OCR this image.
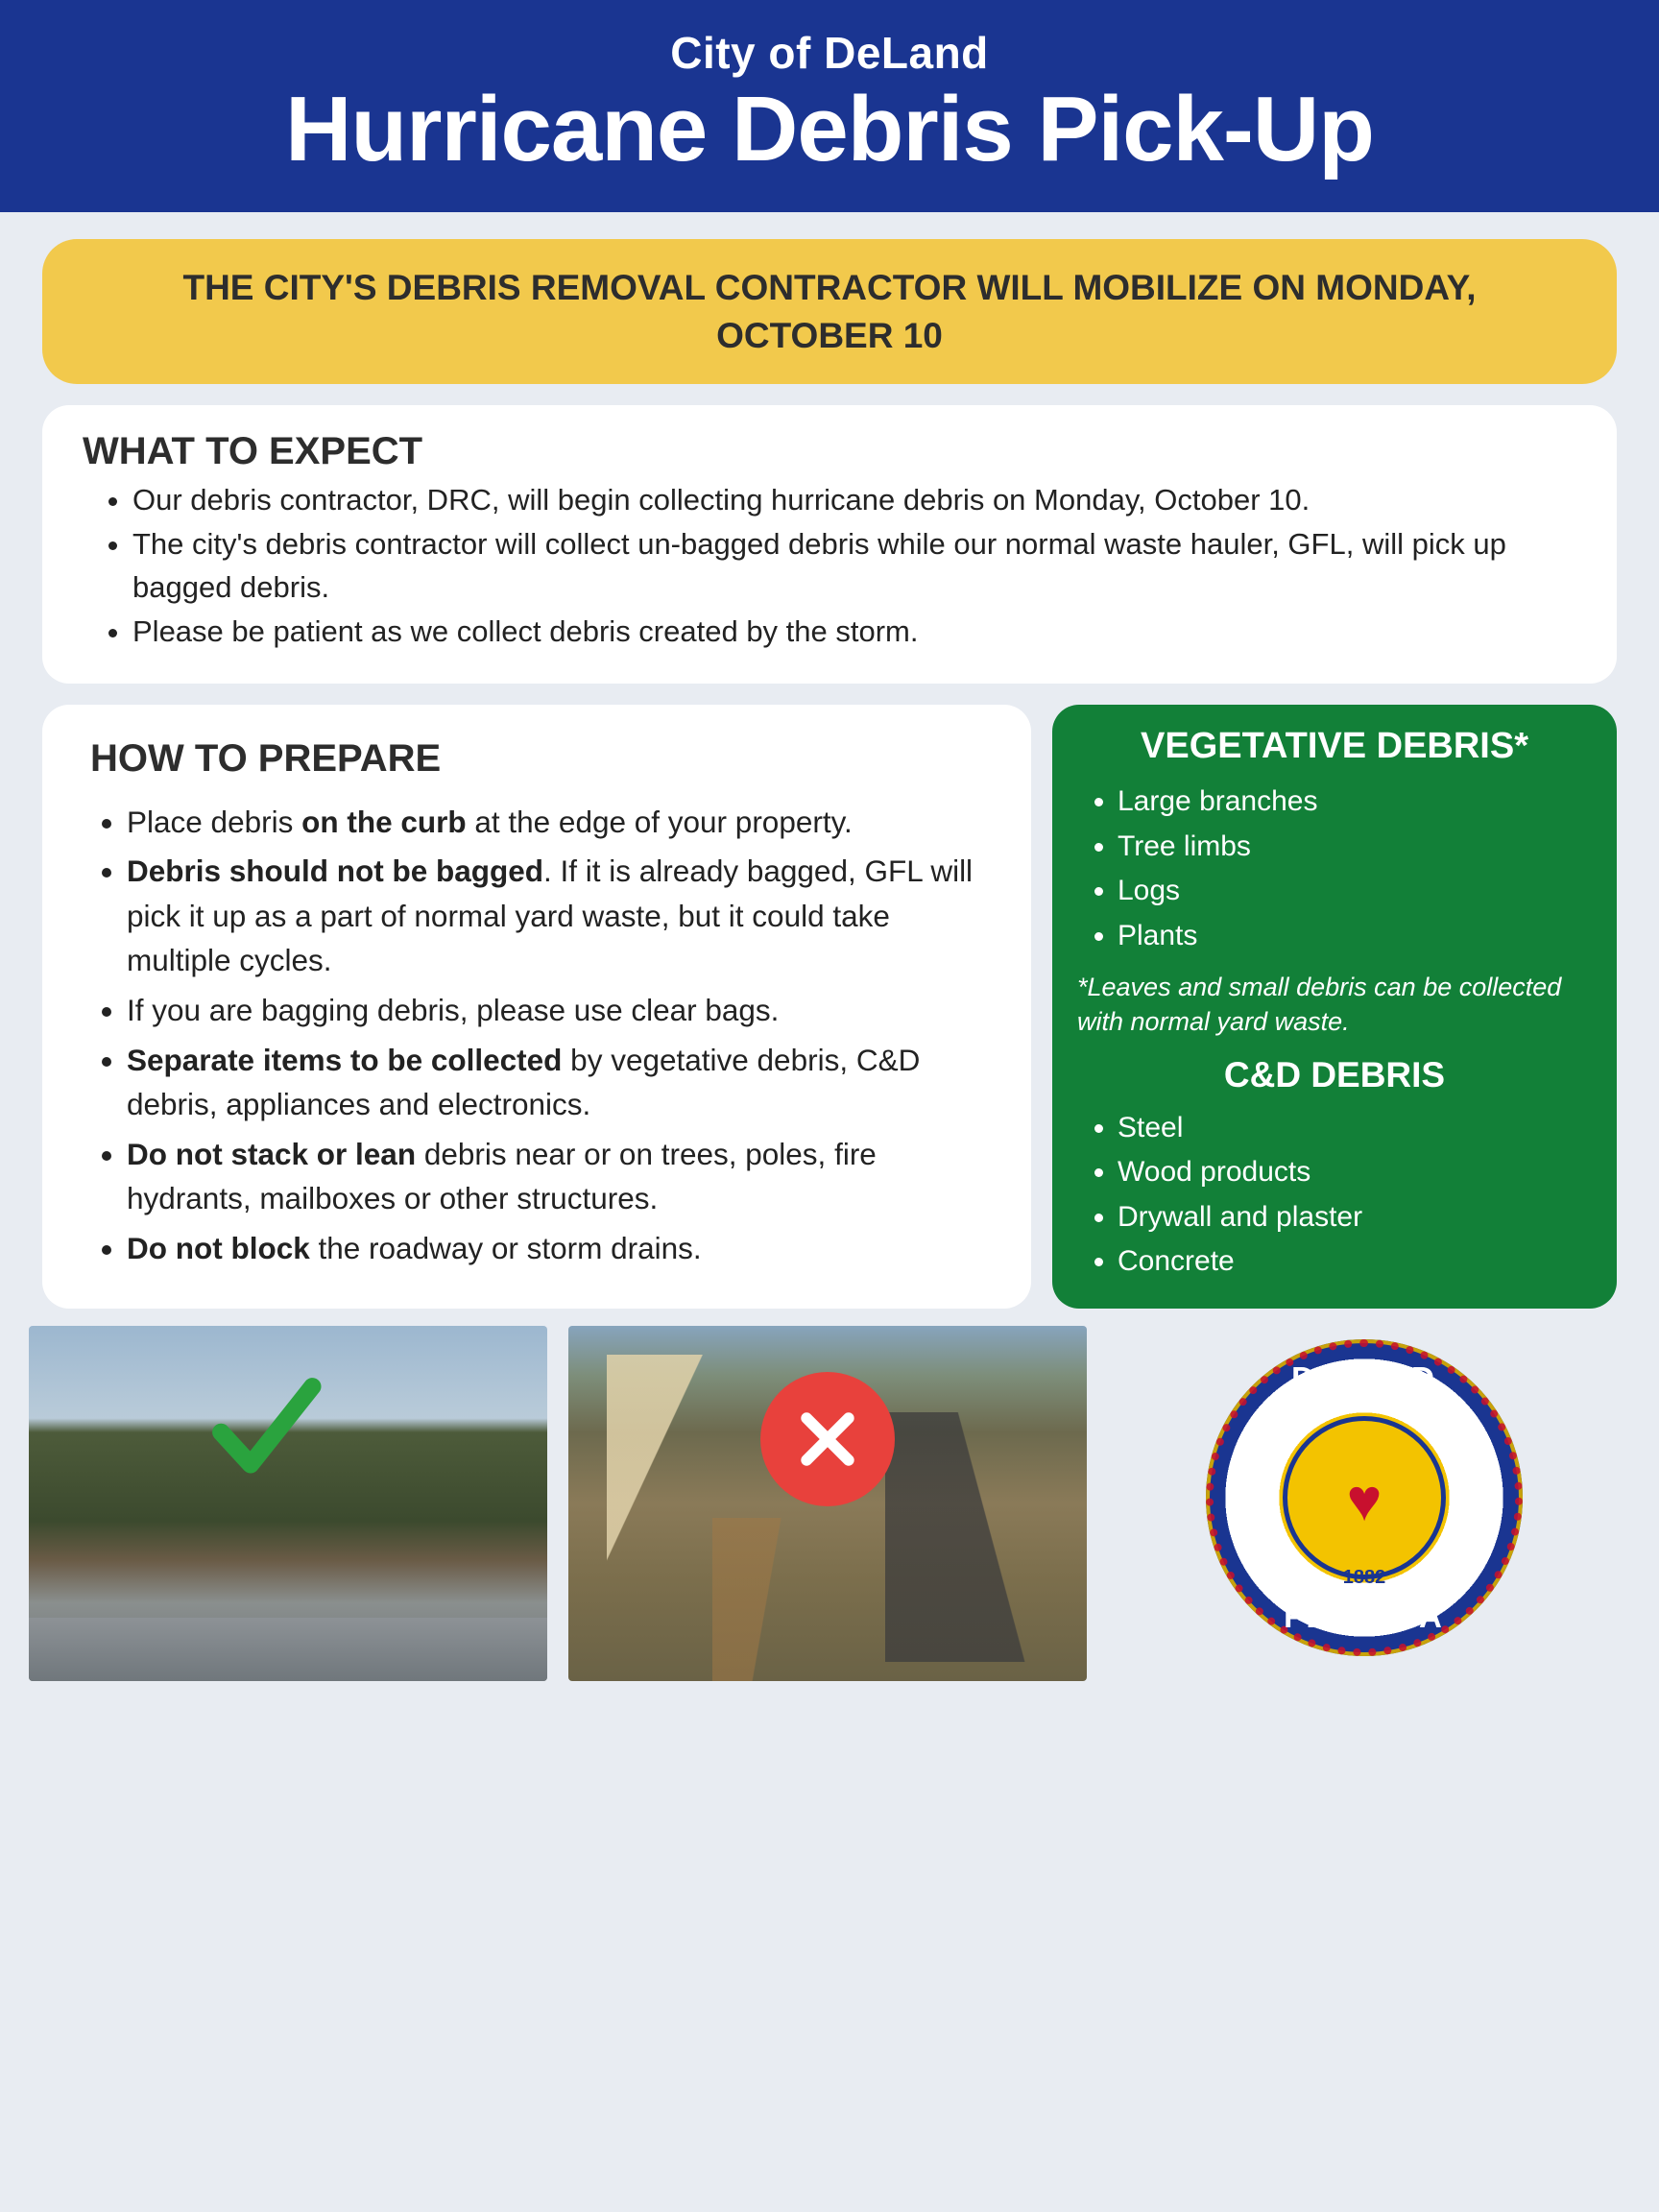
City of DeLand
Hurricane Debris Pick-Up
THE CITY'S DEBRIS REMOVAL CONTRACTOR WILL MOBILIZE ON MONDAY, OCTOBER 10
WHAT TO EXPECT
• Our debris contractor, DRC, will begin collecting hurricane debris on Monday, October 10.
• The city's debris contractor will collect un-bagged debris while our normal waste hauler, GFL, will pick up bagged debris.
• Please be patient as we collect debris created by the storm.
HOW TO PREPARE
• Place debris on the curb at the edge of your property.
• Debris should not be bagged. If it is already bagged, GFL will pick it up as a part of normal yard waste, but it could take multiple cycles.
• If you are bagging debris, please use clear bags.
• Separate items to be collected by vegetative debris, C&D debris, appliances and electronics.
• Do not stack or lean debris near or on trees, poles, fire hydrants, mailboxes or other structures.
• Do not block the roadway or storm drains.
VEGETATIVE DEBRIS*
• Large branches
• Tree limbs
• Logs
• Plants
*Leaves and small debris can be collected with normal yard waste.
C&D DEBRIS
• Steel
• Wood products
• Drywall and plaster
• Concrete
DeLAND
1882
FLORIDA
